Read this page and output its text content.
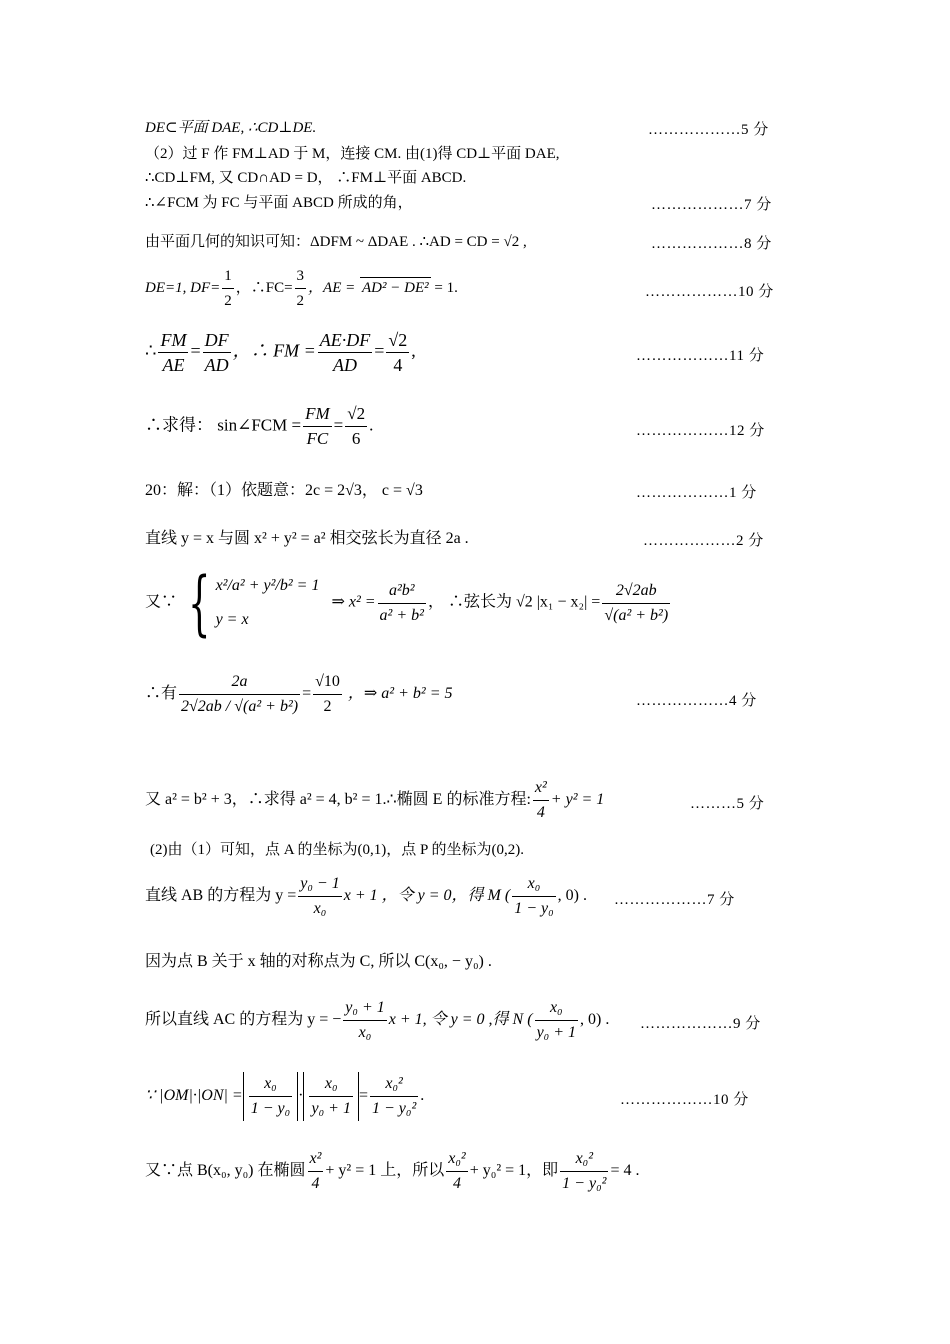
DE⊂平面 DAE, ∴CD⊥DE.	………………5 分
（2）过 F 作 FM⊥AD 于 M，连接 CM. 由(1)得 CD⊥平面 DAE,
∴CD⊥FM, 又 CD∩AD = D， ∴FM⊥平面 ABCD.
∴∠FCM 为 FC 与平面 ABCD 所成的角，	………………7 分
由平面几何的知识可知：ΔDFM ~ ΔDAE . ∴AD = CD = √2 ,	………………8 分
DE=1, $DF= \frac{1}{2}$ ，∴FC= $\frac{3}{2}$ ，AE = AD² − DE² = 1.	………………10 分
∴ $\frac{FM}{AE} = \frac{DF}{AD}$ ，∴ FM = $\frac{AE\cdot DF}{AD} = \frac{√2}{4}$ ,	………………11 分
∴求得： sin∠FCM = $\frac{FM}{FC} = \frac{√2}{6}$ .	………………12 分
20：解：（1）依题意：2c = 2√3， c = √3	………………1 分
直线 y = x 与圆 x² + y² = a² 相交弦长为直径 2a .	………………2 分
又∵ { x²/a² + y²/b² = 1
y = x
⇒ $x^2 = \frac{\text{a²b²}}{\text{a² + b²}}$ ， ∴弦长为 √2 $|x_1 - x_2| = \frac{2√2ab}{\text{√(a² + b²)}}$
∴有 $\frac{2a}{\text{2√2ab / √(a² + b²)}} = \frac{√10}{2}$ ，⇒ a² + b² = 5	………………4 分
又 a² = b² + 3，∴求得 a² = 4, b² = 1.∴椭圆 E 的标准方程: $\frac{\text{x²}}{4} + y^2 = 1$	………5 分
(2)由（1）可知，点 A 的坐标为(0,1)，点 P 的坐标为(0,2).
直线 AB 的方程为 $y = \frac{\text{y₀ − 1}}{\text{x₀}}$ x + 1 ，令 y = 0，得 M ( $\frac{\text{x₀}}{\text{1 − y₀}}$ , 0) . ………………7 分
因为点 B 关于 x 轴的对称点为 C, 所以 C(x₀, − y₀) .
所以直线 AC 的方程为 y = − $\frac{\text{y₀ + 1}}{\text{x₀}}$ x + 1, 令 y = 0 ,得 N ( $\frac{\text{x₀}}{\text{y₀ + 1}}$ , 0) . ………………9 分
∵ $|OM|\cdot|ON| = \frac{\text{x₀}}{\text{1 − y₀}} \cdot \frac{\text{x₀}}{\text{y₀ + 1}} = \frac{\text{x₀²}}{\text{1 − y₀²}}$ .	………………10 分
又∵点 B(x₀, y₀) 在椭圆 $\frac{\text{x²}}{4} + y^2 = 1$ 上，所以 $\frac{\text{x₀²}}{4} + y_0^2 = 1$，即 $\frac{\text{x₀²}}{\text{1 − y₀²}} = 4$ .
